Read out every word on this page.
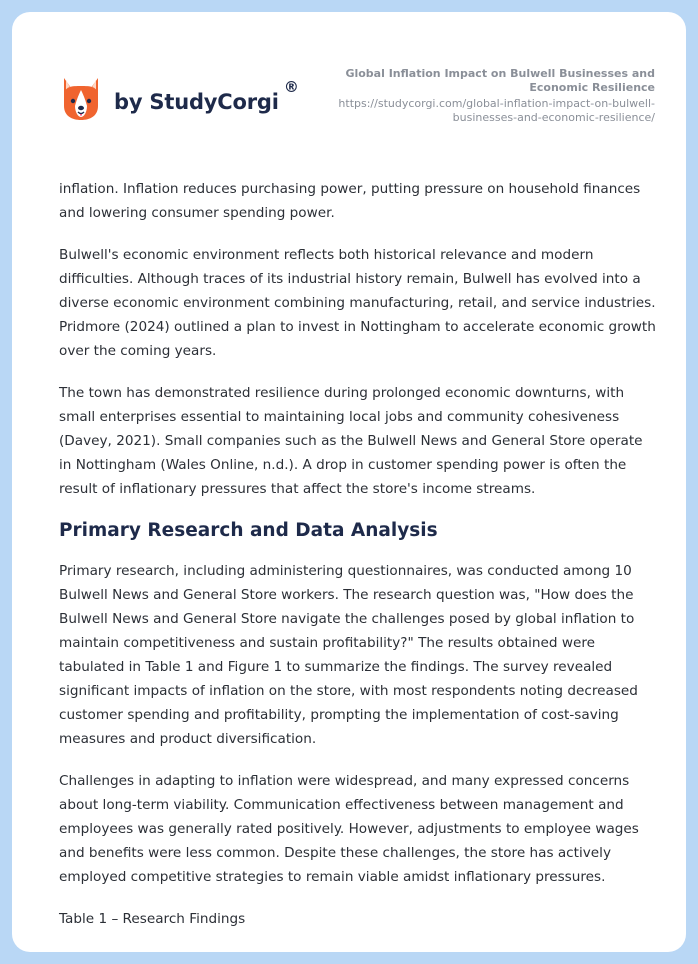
by StudyCorgi
®
Global Inflation Impact on Bulwell Businesses and Economic Resilience
https://studycorgi.com/global-inflation-impact-on-bulwell-businesses-and-economic-resilience/

inflation. Inflation reduces purchasing power, putting pressure on household finances and lowering consumer spending power.

Bulwell's economic environment reflects both historical relevance and modern difficulties. Although traces of its industrial history remain, Bulwell has evolved into a diverse economic environment combining manufacturing, retail, and service industries. Pridmore (2024) outlined a plan to invest in Nottingham to accelerate economic growth over the coming years.

The town has demonstrated resilience during prolonged economic downturns, with small enterprises essential to maintaining local jobs and community cohesiveness (Davey, 2021). Small companies such as the Bulwell News and General Store operate in Nottingham (Wales Online, n.d.). A drop in customer spending power is often the result of inflationary pressures that affect the store's income streams.

Primary Research and Data Analysis

Primary research, including administering questionnaires, was conducted among 10 Bulwell News and General Store workers. The research question was, "How does the Bulwell News and General Store navigate the challenges posed by global inflation to maintain competitiveness and sustain profitability?" The results obtained were tabulated in Table 1 and Figure 1 to summarize the findings. The survey revealed significant impacts of inflation on the store, with most respondents noting decreased customer spending and profitability, prompting the implementation of cost-saving measures and product diversification.

Challenges in adapting to inflation were widespread, and many expressed concerns about long-term viability. Communication effectiveness between management and employees was generally rated positively. However, adjustments to employee wages and benefits were less common. Despite these challenges, the store has actively employed competitive strategies to remain viable amidst inflationary pressures.

Table 1 – Research Findings
